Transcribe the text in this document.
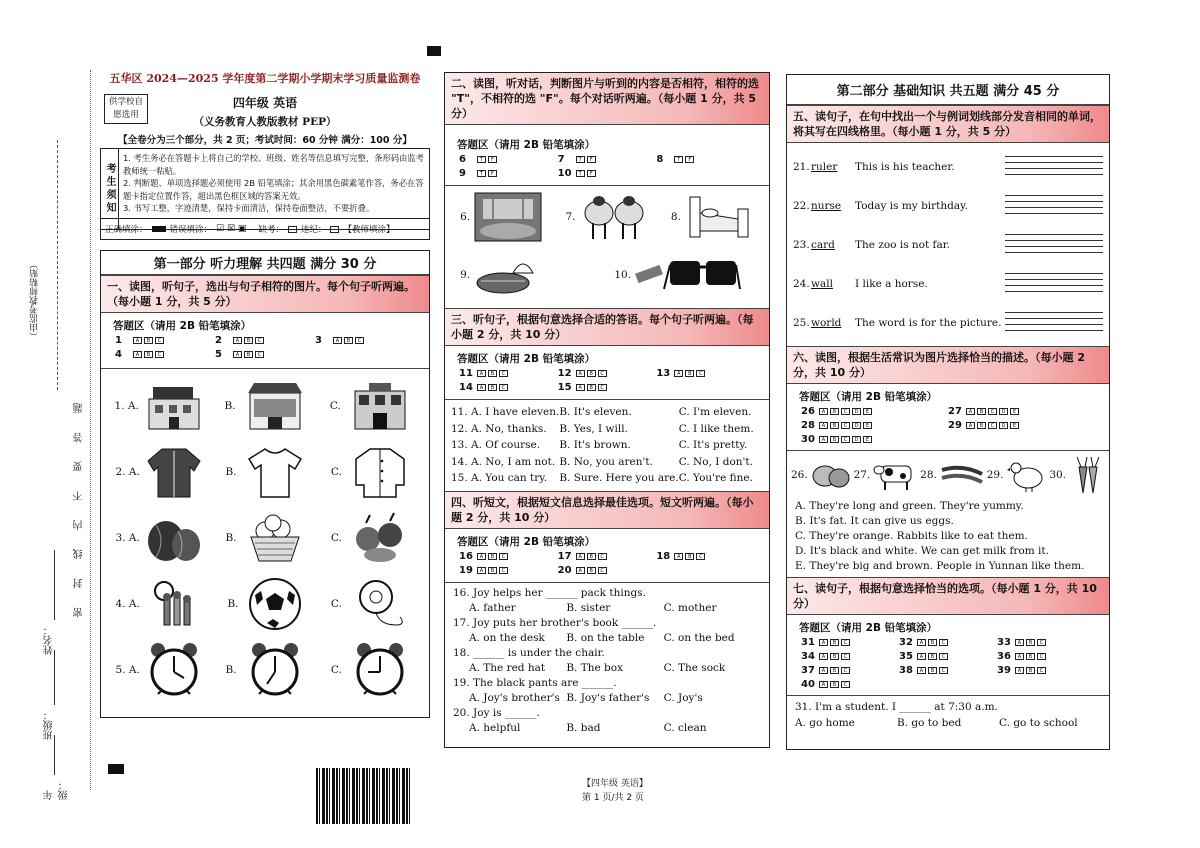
（由监考教师粘贴）
密 封 线 内 不 要 答 题
姓名：
班级：
年级：
五华区 2024—2025 学年度第二学期小学期末学习质量监测卷
供学校自愿选用
四年级 英语
（义务教育人教版教材 PEP）
【全卷分为三个部分，共 2 页；考试时间：60 分钟 满分：100 分】
考生须知
1. 考生务必在答题卡上将自己的学校、班级、姓名等信息填写完整，条形码由监考教师统一粘贴。
2. 判断题、单项选择题必须使用 2B 铅笔填涂；其余用黑色碳素笔作答，务必在答题卡指定位置作答，超出黑色框区域的答案无效。
3. 书写工整，字迹清楚，保持卡面清洁，保持卷面整洁，不要折叠。
正确填涂：	错误填涂： ☑ ☒ ▣ 缺考： 违纪： 【教师填涂】
第一部分 听力理解 共四题 满分 30 分
一、读图，听句子，选出与句子相符的图片。每个句子听两遍。（每小题 1 分，共 5 分）
答题区（请用 2B 铅笔填涂）
1	A	B	C	2	A	B	C	3	A	B	C
4	A	B	C	5	A	B	C
1. A.	B.	C.
2. A.	B.	C.
3. A.	B.	C.
4. A.	B.	C.
5. A.	B.	C.
二、读图，听对话，判断图片与听到的内容是否相符，相符的选 "T"，不相符的选 "F"。每个对话听两遍。（每小题 1 分，共 5 分）
答题区（请用 2B 铅笔填涂）
6	T	F	7	T	F	8	T	F
9	T	F	10	T	F
6.	7.	8.
9.	10.
三、听句子，根据句意选择合适的答语。每个句子听两遍。（每小题 2 分，共 10 分）
答题区（请用 2B 铅笔填涂）
11	A	B	C	12	A	B	C	13	A	B	C
14	A	B	C	15	A	B	C
11. A. I have eleven. B. It's eleven.	C. I'm eleven.
12. A. No, thanks.	B. Yes, I will.	C. I like them.
13. A. Of course.	B. It's brown.	C. It's pretty.
14. A. No, I am not. B. No, you aren't.	C. No, I don't.
15. A. You can try.	B. Sure. Here you are. C. You're fine.
四、听短文，根据短文信息选择最佳选项。短文听两遍。（每小题 2 分，共 10 分）
答题区（请用 2B 铅笔填涂）
16	A	B	C	17	A	B	C	18	A	B	C
19	A	B	C	20	A	B	C
16. Joy helps her ______ pack things.
A. father	B. sister	C. mother
17. Joy puts her brother's book ______.
A. on the desk	B. on the table	C. on the bed
18. ______ is under the chair.
A. The red hat	B. The box	C. The sock
19. The black pants are ______.
A. Joy's brother's B. Joy's father's	C. Joy's
20. Joy is ______.
A. helpful	B. bad	C. clean
第二部分 基础知识 共五题 满分 45 分
五、读句子，在句中找出一个与例词划线部分发音相同的单词，将其写在四线格里。（每小题 1 分，共 5 分）
21. ruler	This is his teacher.
22. nurse	Today is my birthday.
23. card	The zoo is not far.
24. wall	I like a horse.
25. world	The word is for the picture.
六、读图，根据生活常识为图片选择恰当的描述。（每小题 2 分，共 10 分）
答题区（请用 2B 铅笔填涂）
26	A	B	C	D	E	27	A	B	C	D	E
28	A	B	C	D	E	29	A	B	C	D	E
30	A	B	C	D	E
26.	27.	28.	29.	30.
A. They're long and green. They're yummy.
B. It's fat. It can give us eggs.
C. They're orange. Rabbits like to eat them.
D. It's black and white. We can get milk from it.
E. They're big and brown. People in Yunnan like them.
七、读句子，根据句意选择恰当的选项。（每小题 1 分，共 10 分）
答题区（请用 2B 铅笔填涂）
31	A	B	C	32	A	B	C	33	A	B	C
34	A	B	C	35	A	B	C	36	A	B	C
37	A	B	C	38	A	B	C	39	A	B	C
40	A	B	C
31. I'm a student. I ______ at 7:30 a.m.
A. go home	B. go to bed	C. go to school
【四年级 英语】
第 1 页/共 2 页
